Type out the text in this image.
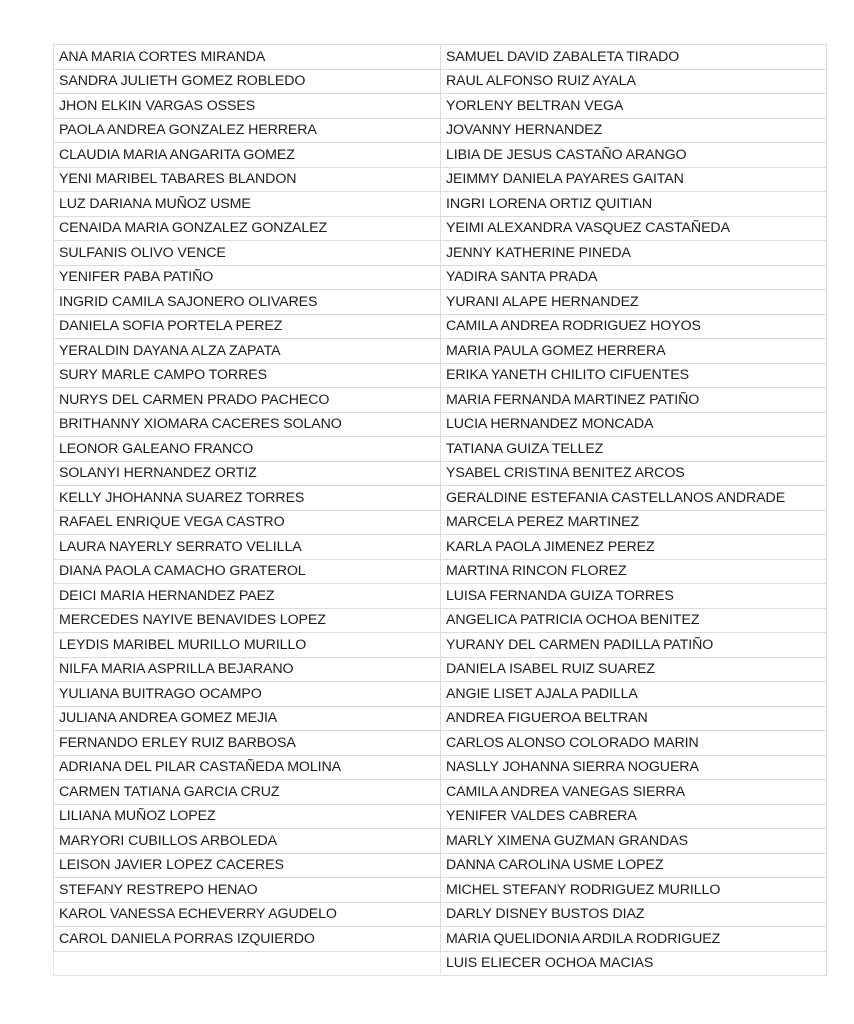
ANA MARIA CORTES MIRANDA	SAMUEL DAVID ZABALETA TIRADO
SANDRA JULIETH GOMEZ ROBLEDO	RAUL ALFONSO RUIZ AYALA
JHON ELKIN VARGAS OSSES	YORLENY BELTRAN VEGA
PAOLA ANDREA GONZALEZ HERRERA	JOVANNY HERNANDEZ
CLAUDIA MARIA ANGARITA GOMEZ	LIBIA DE JESUS CASTAÑO ARANGO
YENI MARIBEL TABARES BLANDON	JEIMMY DANIELA PAYARES GAITAN
LUZ DARIANA MUÑOZ USME	INGRI LORENA ORTIZ QUITIAN
CENAIDA MARIA GONZALEZ GONZALEZ	YEIMI ALEXANDRA VASQUEZ CASTAÑEDA
SULFANIS OLIVO VENCE	JENNY KATHERINE PINEDA
YENIFER PABA PATIÑO	YADIRA SANTA PRADA
INGRID CAMILA SAJONERO OLIVARES	YURANI ALAPE HERNANDEZ
DANIELA SOFIA PORTELA PEREZ	CAMILA ANDREA RODRIGUEZ HOYOS
YERALDIN DAYANA ALZA ZAPATA	MARIA PAULA GOMEZ HERRERA
SURY MARLE CAMPO TORRES	ERIKA YANETH CHILITO CIFUENTES
NURYS DEL CARMEN PRADO PACHECO	MARIA FERNANDA MARTINEZ PATIÑO
BRITHANNY XIOMARA CACERES SOLANO	LUCIA HERNANDEZ MONCADA
LEONOR GALEANO FRANCO	TATIANA GUIZA TELLEZ
SOLANYI HERNANDEZ ORTIZ	YSABEL CRISTINA BENITEZ ARCOS
KELLY JHOHANNA SUAREZ TORRES	GERALDINE ESTEFANIA CASTELLANOS ANDRADE
RAFAEL ENRIQUE VEGA CASTRO	MARCELA PEREZ MARTINEZ
LAURA NAYERLY SERRATO VELILLA	KARLA PAOLA JIMENEZ PEREZ
DIANA PAOLA CAMACHO GRATEROL	MARTINA RINCON FLOREZ
DEICI MARIA HERNANDEZ PAEZ	LUISA FERNANDA GUIZA TORRES
MERCEDES NAYIVE BENAVIDES LOPEZ	ANGELICA PATRICIA OCHOA BENITEZ
LEYDIS MARIBEL MURILLO MURILLO	YURANY DEL CARMEN PADILLA PATIÑO
NILFA MARIA ASPRILLA BEJARANO	DANIELA ISABEL RUIZ SUAREZ
YULIANA BUITRAGO OCAMPO	ANGIE LISET AJALA PADILLA
JULIANA ANDREA GOMEZ MEJIA	ANDREA FIGUEROA BELTRAN
FERNANDO ERLEY RUIZ BARBOSA	CARLOS ALONSO COLORADO MARIN
ADRIANA DEL PILAR CASTAÑEDA MOLINA	NASLLY JOHANNA SIERRA NOGUERA
CARMEN TATIANA GARCIA CRUZ	CAMILA ANDREA VANEGAS SIERRA
LILIANA MUÑOZ LOPEZ	YENIFER VALDES CABRERA
MARYORI CUBILLOS ARBOLEDA	MARLY XIMENA GUZMAN GRANDAS
LEISON JAVIER LOPEZ CACERES	DANNA CAROLINA USME LOPEZ
STEFANY RESTREPO HENAO	MICHEL STEFANY RODRIGUEZ MURILLO
KAROL VANESSA ECHEVERRY AGUDELO	DARLY DISNEY BUSTOS DIAZ
CAROL DANIELA PORRAS IZQUIERDO	MARIA QUELIDONIA ARDILA RODRIGUEZ
	LUIS ELIECER OCHOA MACIAS
